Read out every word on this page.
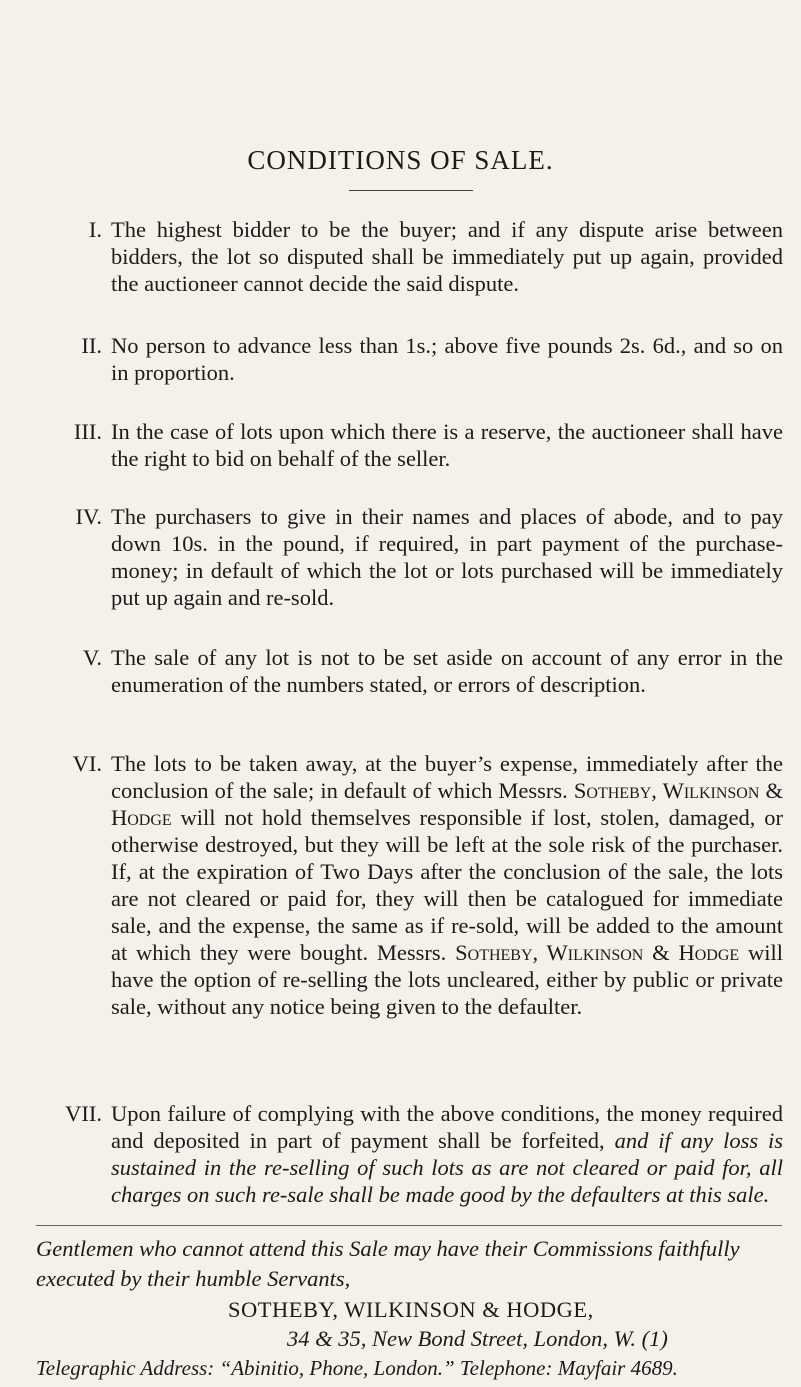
CONDITIONS OF SALE.
I. The highest bidder to be the buyer; and if any dispute arise between bidders, the lot so disputed shall be immediately put up again, provided the auctioneer cannot decide the said dispute.
II. No person to advance less than 1s.; above five pounds 2s. 6d., and so on in proportion.
III. In the case of lots upon which there is a reserve, the auctioneer shall have the right to bid on behalf of the seller.
IV. The purchasers to give in their names and places of abode, and to pay down 10s. in the pound, if required, in part payment of the purchase-money; in default of which the lot or lots purchased will be immediately put up again and re-sold.
V. The sale of any lot is not to be set aside on account of any error in the enumeration of the numbers stated, or errors of description.
VI. The lots to be taken away, at the buyer’s expense, immediately after the conclusion of the sale; in default of which Messrs. Sotheby, Wilkinson & Hodge will not hold themselves responsible if lost, stolen, damaged, or otherwise destroyed, but they will be left at the sole risk of the purchaser. If, at the expiration of Two Days after the conclusion of the sale, the lots are not cleared or paid for, they will then be catalogued for immediate sale, and the expense, the same as if re-sold, will be added to the amount at which they were bought. Messrs. Sotheby, Wilkinson & Hodge will have the option of re-selling the lots uncleared, either by public or private sale, without any notice being given to the defaulter.
VII. Upon failure of complying with the above conditions, the money required and deposited in part of payment shall be forfeited, and if any loss is sustained in the re-selling of such lots as are not cleared or paid for, all charges on such re-sale shall be made good by the defaulters at this sale.
Gentlemen who cannot attend this Sale may have their Commissions faithfully executed by their humble Servants,
SOTHEBY, WILKINSON & HODGE,
34 & 35, New Bond Street, London, W. (1)
Telegraphic Address: “Abinitio, Phone, London.” Telephone: Mayfair 4689.
